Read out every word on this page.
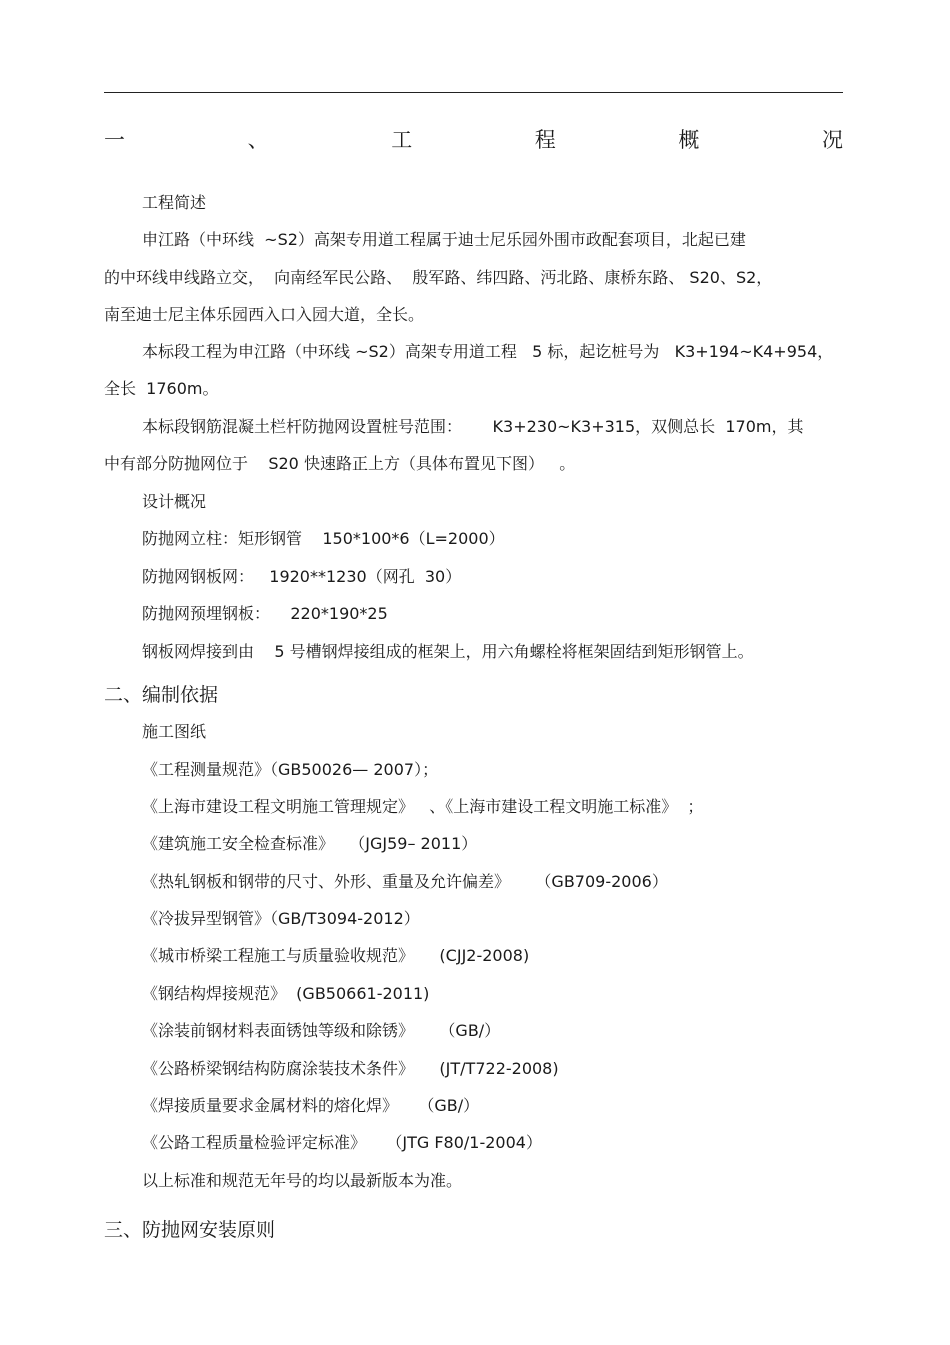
一	、	工	程	概	况
工程简述
申江路（中环线  ~S2）高架专用道工程属于迪士尼乐园外围市政配套项目，北起已建
的中环线申线路立交，  向南经军民公路、  殷军路、纬四路、沔北路、康桥东路、 S20、S2，
南至迪士尼主体乐园西入口入园大道，全长。
本标段工程为申江路（中环线 ~S2）高架专用道工程   5 标，起讫桩号为   K3+194~K4+954，
全长  1760m。
本标段钢筋混凝土栏杆防抛网设置桩号范围：      K3+230~K3+315，双侧总长  170m，其
中有部分防抛网位于    S20 快速路正上方（具体布置见下图）   。
设计概况
防抛网立柱：矩形钢管    150*100*6（L=2000）
防抛网钢板网：   1920**1230（网孔  30）
防抛网预埋钢板：    220*190*25
钢板网焊接到由    5 号槽钢焊接组成的框架上，用六角螺栓将框架固结到矩形钢管上。
二、编制依据
施工图纸
《工程测量规范》（GB50026— 2007）；
《上海市建设工程文明施工管理规定》   、《上海市建设工程文明施工标准》  ；
《建筑施工安全检查标准》   （JGJ59– 2011）
《热轧钢板和钢带的尺寸、外形、重量及允许偏差》     （GB709-2006）
《冷拔异型钢管》（GB/T3094-2012）
《城市桥梁工程施工与质量验收规范》     (CJJ2-2008)
《钢结构焊接规范》  (GB50661-2011)
《涂装前钢材料表面锈蚀等级和除锈》     （GB/）
《公路桥梁钢结构防腐涂装技术条件》     (JT/T722-2008)
《焊接质量要求金属材料的熔化焊》    （GB/）
《公路工程质量检验评定标准》    （JTG F80/1-2004）
以上标准和规范无年号的均以最新版本为准。
三、防抛网安装原则
